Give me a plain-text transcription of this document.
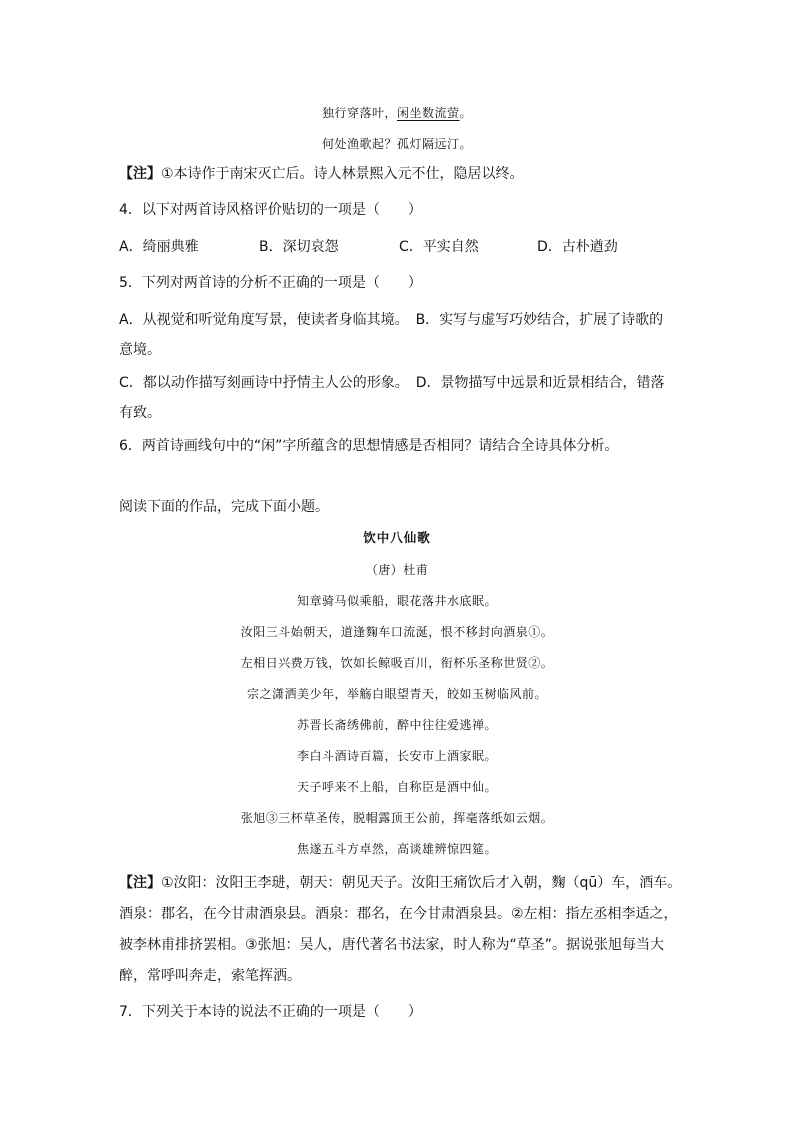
独行穿落叶，闲坐数流萤。
何处渔歌起？孤灯隔远汀。
【注】①本诗作于南宋灭亡后。诗人林景熙入元不仕，隐居以终。
4．以下对两首诗风格评价贴切的一项是（　　）
A．绮丽典雅	B．深切哀怨	C．平实自然	D．古朴遒劲
5．下列对两首诗的分析不正确的一项是（　　）
A．从视觉和听觉角度写景，使读者身临其境。　B．实写与虚写巧妙结合，扩展了诗歌的
意境。
C．都以动作描写刻画诗中抒情主人公的形象。　D．景物描写中远景和近景相结合，错落
有致。
6．两首诗画线句中的“闲”字所蕴含的思想情感是否相同？请结合全诗具体分析。
阅读下面的作品，完成下面小题。
饮中八仙歌
（唐）杜甫
知章骑马似乘船，眼花落井水底眠。
汝阳三斗始朝天，道逢麴车口流涎，恨不移封向酒泉①。
左相日兴费万钱，饮如长鲸吸百川，衔杯乐圣称世贤②。
宗之潇洒美少年，举觞白眼望青天，皎如玉树临风前。
苏晋长斋绣佛前，醉中往往爱逃禅。
李白斗酒诗百篇，长安市上酒家眠。
天子呼来不上船，自称臣是酒中仙。
张旭③三杯草圣传，脱帽露顶王公前，挥毫落纸如云烟。
焦遂五斗方卓然，高谈雄辨惊四筵。
【注】①汝阳：汝阳王李琎，朝天：朝见天子。汝阳王痛饮后才入朝，麴（qū）车，酒车。
酒泉：郡名，在今甘肃酒泉县。酒泉：郡名，在今甘肃酒泉县。②左相：指左丞相李适之，
被李林甫排挤罢相。③张旭：吴人，唐代著名书法家，时人称为“草圣”。据说张旭每当大
醉，常呼叫奔走，索笔挥洒。
7．下列关于本诗的说法不正确的一项是（　　）
